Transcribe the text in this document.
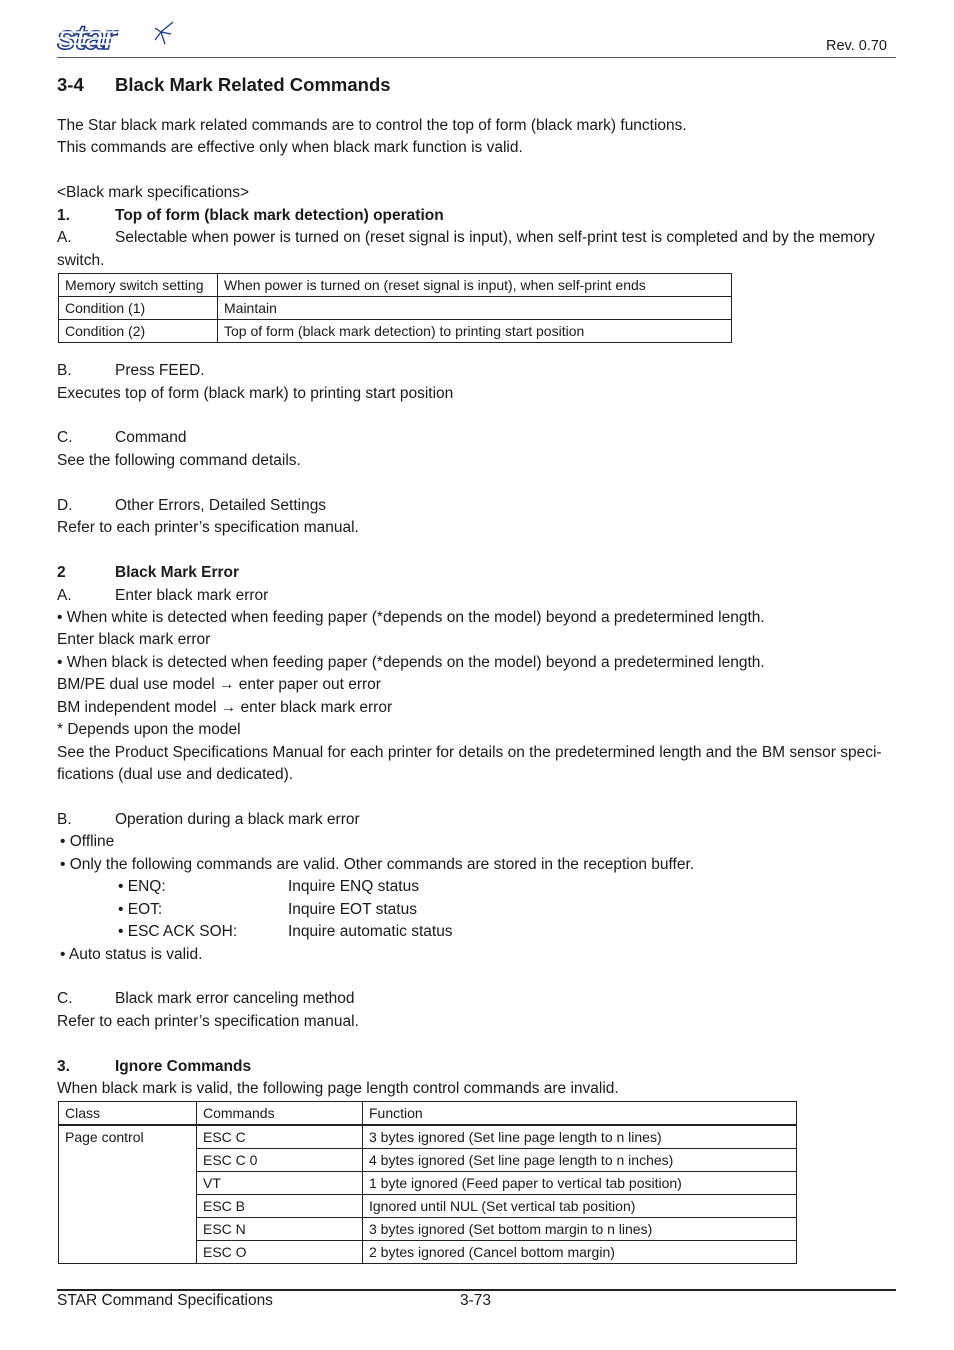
star	Rev. 0.70
3-4 Black Mark Related Commands
The Star black mark related commands are to control the top of form (black mark) functions.
This commands are effective only when black mark function is valid.
<Black mark specifications>
1.	Top of form (black mark detection) operation
A.	Selectable when power is turned on (reset signal is input), when self-print test is completed and by the memory
switch.
Memory switch setting	When power is turned on (reset signal is input), when self-print ends
Condition (1)	Maintain
Condition (2)	Top of form (black mark detection) to printing start position
B.	Press FEED.
Executes top of form (black mark) to printing start position
C.	Command
See the following command details.
D.	Other Errors, Detailed Settings
Refer to each printer’s specification manual.
2	Black Mark Error
A.	Enter black mark error
• When white is detected when feeding paper (*depends on the model) beyond a predetermined length.
Enter black mark error
• When black is detected when feeding paper (*depends on the model) beyond a predetermined length.
BM/PE dual use model → enter paper out error
BM independent model → enter black mark error
* Depends upon the model
See the Product Specifications Manual for each printer for details on the predetermined length and the BM sensor speci-
fications (dual use and dedicated).
B.	Operation during a black mark error
• Offline
• Only the following commands are valid. Other commands are stored in the reception buffer.
• ENQ:	Inquire ENQ status
• EOT:	Inquire EOT status
• ESC ACK SOH:	Inquire automatic status
• Auto status is valid.
C.	Black mark error canceling method
Refer to each printer’s specification manual.
3.	Ignore Commands
When black mark is valid, the following page length control commands are invalid.
Class	Commands	Function
Page control	ESC C	3 bytes ignored (Set line page length to n lines)
	ESC C 0	4 bytes ignored (Set line page length to n inches)
	VT	1 byte ignored (Feed paper to vertical tab position)
	ESC B	Ignored until NUL (Set vertical tab position)
	ESC N	3 bytes ignored (Set bottom margin to n lines)
	ESC O	2 bytes ignored (Cancel bottom margin)
STAR Command Specifications	3-73
